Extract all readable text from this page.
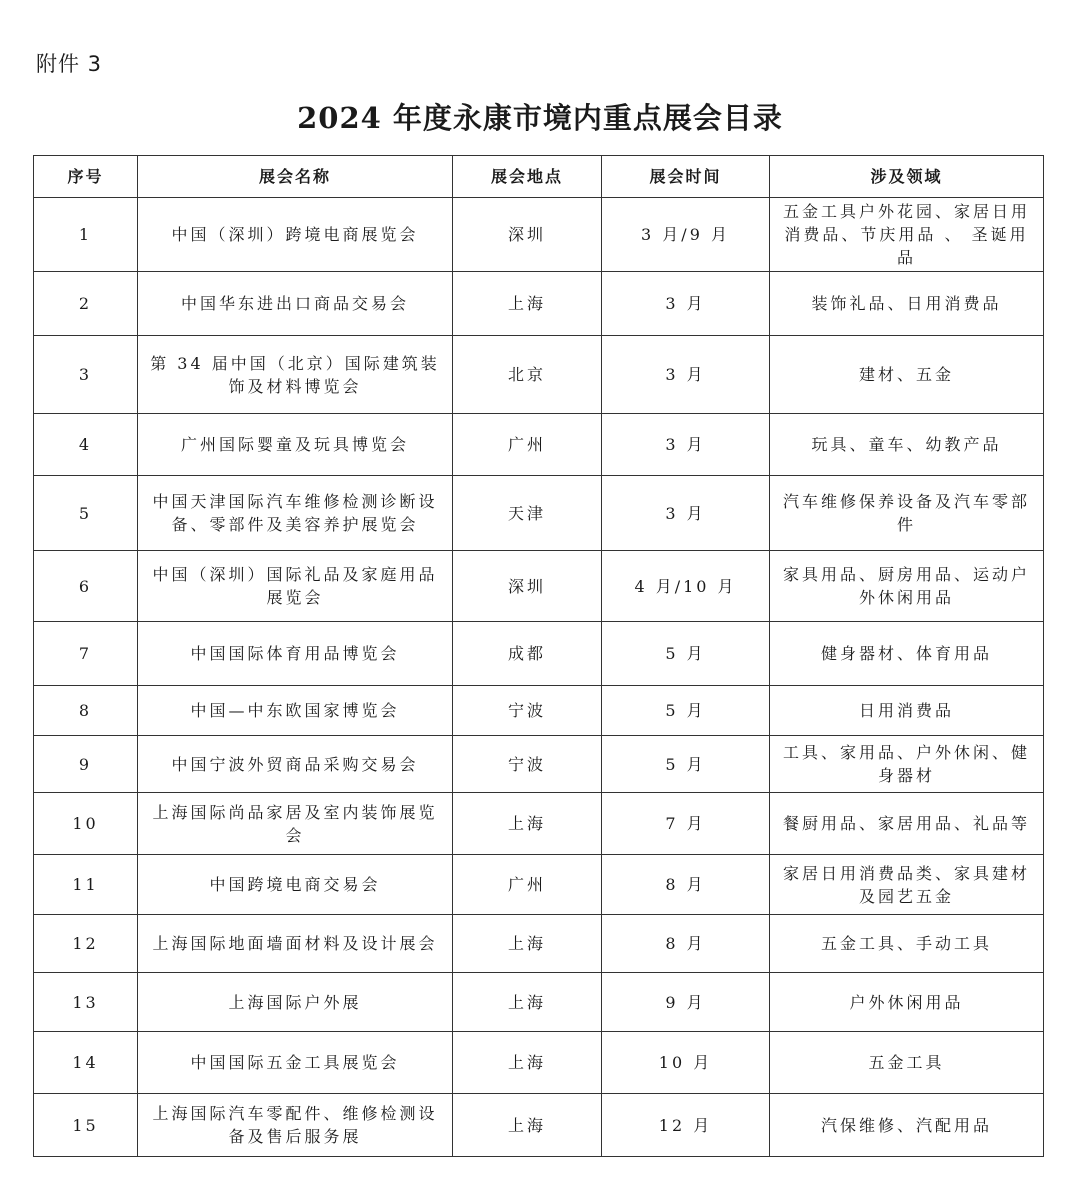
附件 3
2024 年度永康市境内重点展会目录
序号	展会名称	展会地点	展会时间	涉及领域
1	中国（深圳）跨境电商展览会	深圳	3 月/9 月	五金工具户外花园、家居日用消费品、节庆用品 、 圣诞用品
2	中国华东进出口商品交易会	上海	3 月	装饰礼品、日用消费品
3	第 34 届中国（北京）国际建筑装饰及材料博览会	北京	3 月	建材、五金
4	广州国际婴童及玩具博览会	广州	3 月	玩具、童车、幼教产品
5	中国天津国际汽车维修检测诊断设备、零部件及美容养护展览会	天津	3 月	汽车维修保养设备及汽车零部件
6	中国（深圳）国际礼品及家庭用品展览会	深圳	4 月/10 月	家具用品、厨房用品、运动户外休闲用品
7	中国国际体育用品博览会	成都	5 月	健身器材、体育用品
8	中国—中东欧国家博览会	宁波	5 月	日用消费品
9	中国宁波外贸商品采购交易会	宁波	5 月	工具、家用品、户外休闲、健身器材
10	上海国际尚品家居及室内装饰展览会	上海	7 月	餐厨用品、家居用品、礼品等
11	中国跨境电商交易会	广州	8 月	家居日用消费品类、家具建材及园艺五金
12	上海国际地面墙面材料及设计展会	上海	8 月	五金工具、手动工具
13	上海国际户外展	上海	9 月	户外休闲用品
14	中国国际五金工具展览会	上海	10 月	五金工具
15	上海国际汽车零配件、维修检测设备及售后服务展	上海	12 月	汽保维修、汽配用品
